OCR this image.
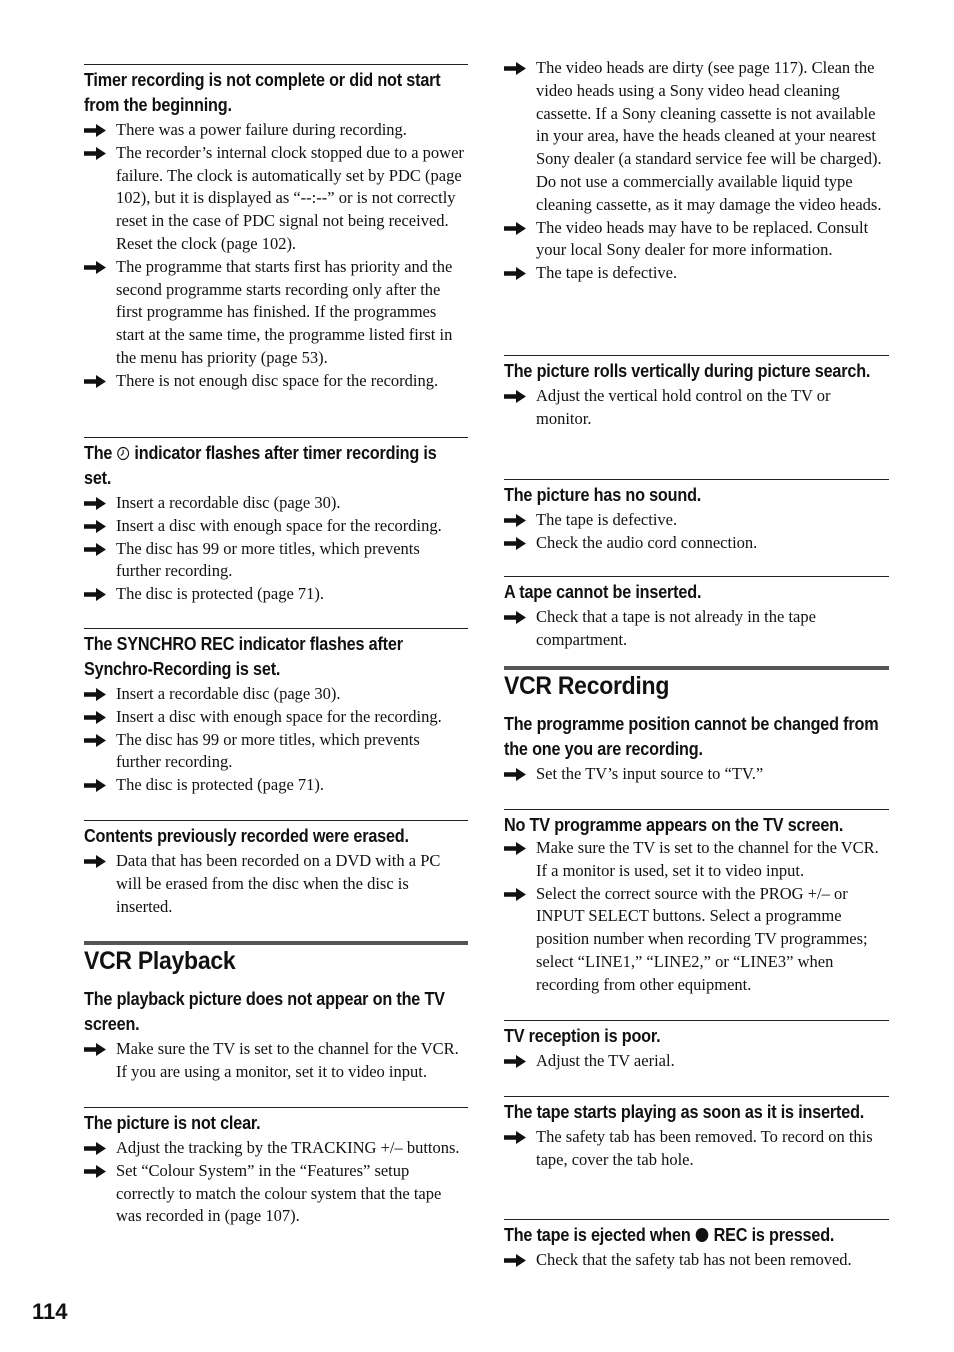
Timer recording is not complete or did not start from the beginning.
There was a power failure during recording.
The recorder’s internal clock stopped due to a power failure. The clock is automatically set by PDC (page 102), but it is displayed as “--:--” or is not correctly reset in the case of PDC signal not being received. Reset the clock (page 102).
The programme that starts first has priority and the second programme starts recording only after the first programme has finished. If the programmes start at the same time, the programme listed first in the menu has priority (page 53).
There is not enough disc space for the recording.
The indicator flashes after timer recording is set.
Insert a recordable disc (page 30).
Insert a disc with enough space for the recording.
The disc has 99 or more titles, which prevents further recording.
The disc is protected (page 71).
The SYNCHRO REC indicator flashes after Synchro-Recording is set.
Insert a recordable disc (page 30).
Insert a disc with enough space for the recording.
The disc has 99 or more titles, which prevents further recording.
The disc is protected (page 71).
Contents previously recorded were erased.
Data that has been recorded on a DVD with a PC will be erased from the disc when the disc is inserted.
VCR Playback
The playback picture does not appear on the TV screen.
Make sure the TV is set to the channel for the VCR. If you are using a monitor, set it to video input.
The picture is not clear.
Adjust the tracking by the TRACKING +/– buttons.
Set “Colour System” in the “Features” setup correctly to match the colour system that the tape was recorded in (page 107).
The video heads are dirty (see page 117). Clean the video heads using a Sony video head cleaning cassette. If a Sony cleaning cassette is not available in your area, have the heads cleaned at your nearest Sony dealer (a standard service fee will be charged). Do not use a commercially available liquid type cleaning cassette, as it may damage the video heads.
The video heads may have to be replaced. Consult your local Sony dealer for more information.
The tape is defective.
The picture rolls vertically during picture search.
Adjust the vertical hold control on the TV or monitor.
The picture has no sound.
The tape is defective.
Check the audio cord connection.
A tape cannot be inserted.
Check that a tape is not already in the tape compartment.
VCR Recording
The programme position cannot be changed from the one you are recording.
Set the TV’s input source to “TV.”
No TV programme appears on the TV screen.
Make sure the TV is set to the channel for the VCR. If a monitor is used, set it to video input.
Select the correct source with the PROG +/– or INPUT SELECT buttons. Select a programme position number when recording TV programmes; select “LINE1,” “LINE2,” or “LINE3” when recording from other equipment.
TV reception is poor.
Adjust the TV aerial.
The tape starts playing as soon as it is inserted.
The safety tab has been removed. To record on this tape, cover the tab hole.
The tape is ejected when REC is pressed.
Check that the safety tab has not been removed.
114
